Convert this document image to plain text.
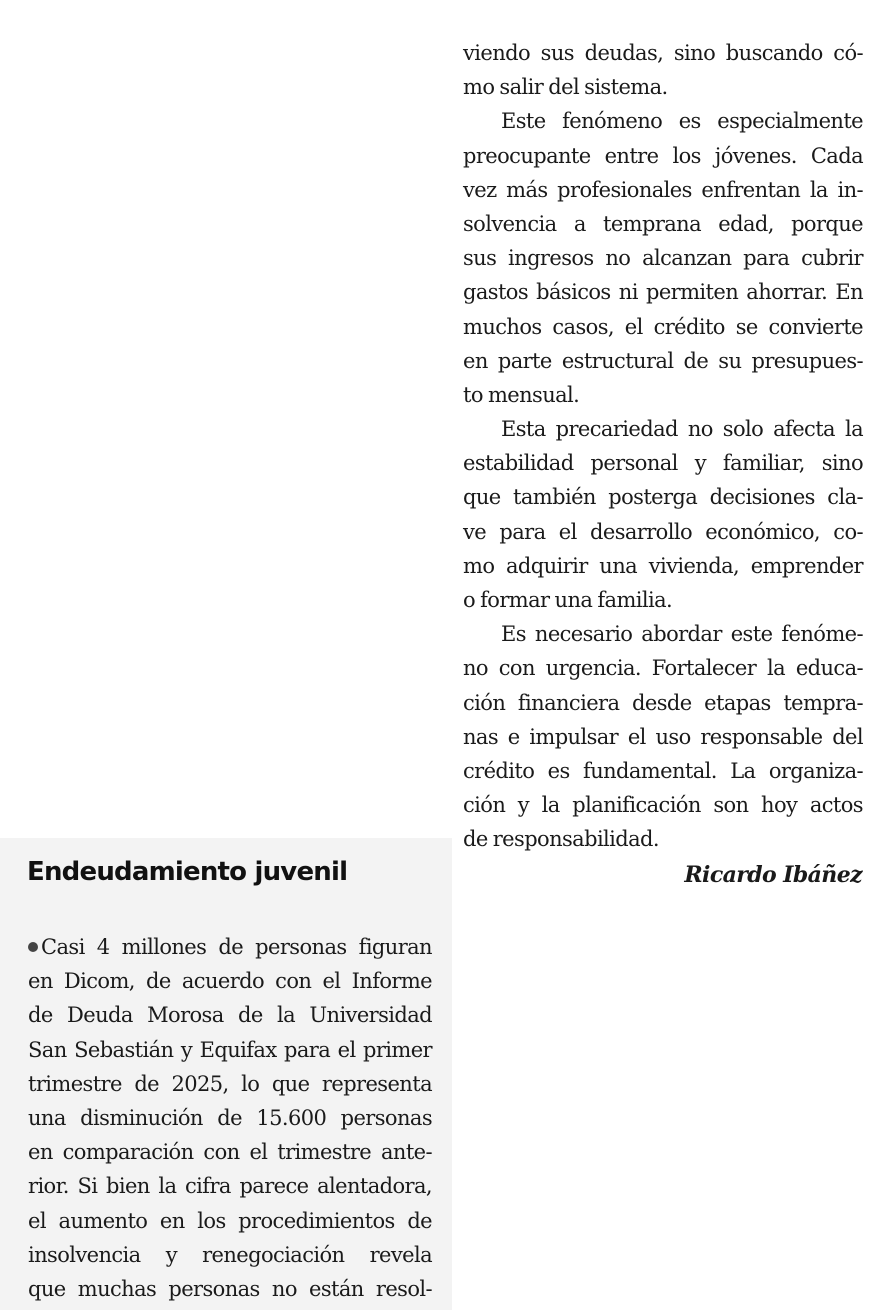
viendo sus deudas, sino buscando có-
mo salir del sistema.
Este fenómeno es especialmente
preocupante entre los jóvenes. Cada
vez más profesionales enfrentan la in-
solvencia a temprana edad, porque
sus ingresos no alcanzan para cubrir
gastos básicos ni permiten ahorrar. En
muchos casos, el crédito se convierte
en parte estructural de su presupues-
to mensual.
Esta precariedad no solo afecta la
estabilidad personal y familiar, sino
que también posterga decisiones cla-
ve para el desarrollo económico, co-
mo adquirir una vivienda, emprender
o formar una familia.
Es necesario abordar este fenóme-
no con urgencia. Fortalecer la educa-
ción financiera desde etapas tempra-
nas e impulsar el uso responsable del
crédito es fundamental. La organiza-
ción y la planificación son hoy actos
de responsabilidad.
Endeudamiento juvenil	Ricardo Ibáñez
Casi 4 millones de personas figuran
en Dicom, de acuerdo con el Informe
de Deuda Morosa de la Universidad
San Sebastián y Equifax para el primer
trimestre de 2025, lo que representa
una disminución de 15.600 personas
en comparación con el trimestre ante-
rior. Si bien la cifra parece alentadora,
el aumento en los procedimientos de
insolvencia y renegociación revela
que muchas personas no están resol-
